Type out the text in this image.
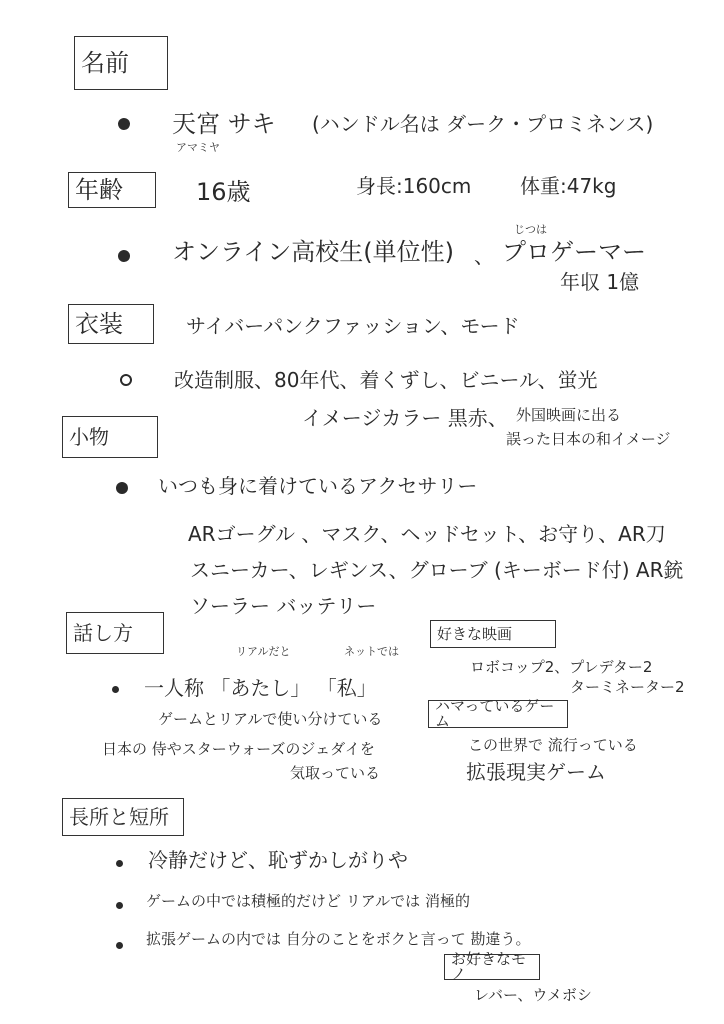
名前
天宮 サキ
アマミヤ
(ハンドル名は ダーク・プロミネンス)
年齢	16歳	身長:160cm 体重:47kg
オンライン高校生(単位性) 、
じつは
プロゲーマー
年収 1億
衣装	サイバーパンクファッション、モード
改造制服、80年代、着くずし、ビニール、蛍光
イメージカラー 黒赤、 外国映画に出る
誤った日本の和イメージ
小物
いつも身に着けているアクセサリー
ARゴーグル 、マスク、ヘッドセット、お守り、AR刀
スニーカー、レギンス、グローブ (キーボード付) AR銃
ソーラー バッテリー
話し方
リアルだと	ネットでは
一人称 「あたし」 「私」
ゲームとリアルで使い分けている
日本の 侍やスターウォーズのジェダイを
気取っている
好きな映画
ロボコップ2、プレデター2
ターミネーター2
ハマっているゲーム
この世界で 流行っている
拡張現実ゲーム
長所と短所
冷静だけど、恥ずかしがりや
ゲームの中では積極的だけど リアルでは 消極的
拡張ゲームの内では 自分のことをボクと言って 勘違う。
お好きなモノ
レバー、ウメボシ
